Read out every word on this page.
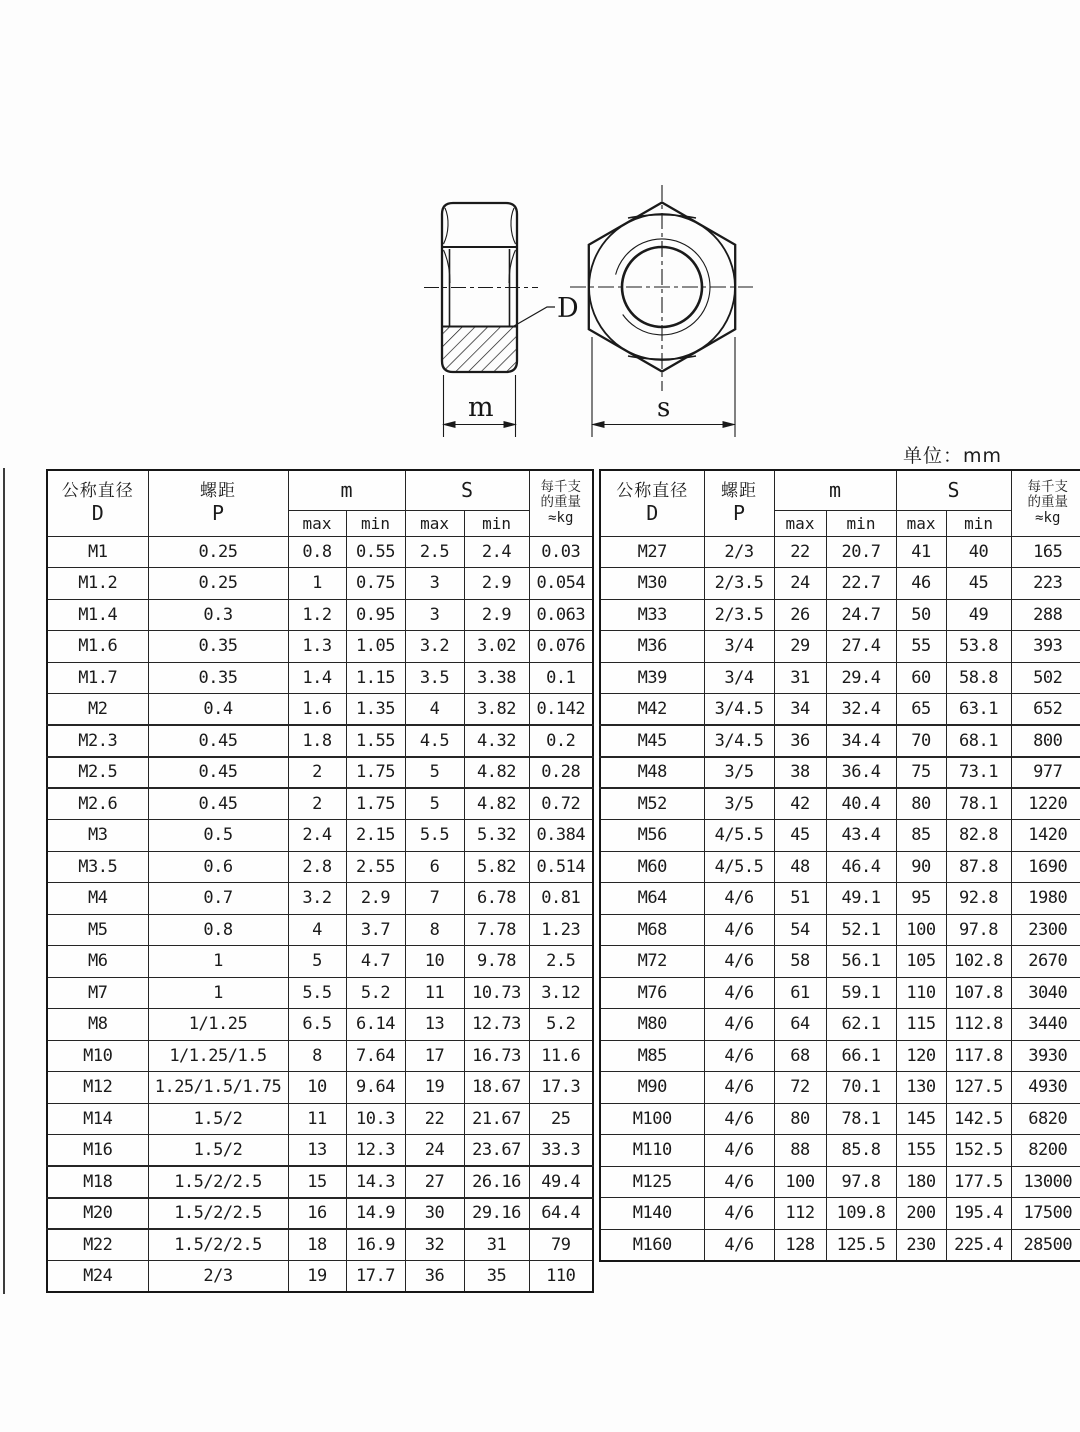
D
m	s
单位：mm
公称直径
D

螺距
P
	m	S	每千支
的重量
≈kg

		max	min	max	min	
M1	0.25	0.8	0.55	2.5	2.4	0.03
M1.2	0.25	1	0.75	3	2.9	0.054
M1.4	0.3	1.2	0.95	3	2.9	0.063
M1.6	0.35	1.3	1.05	3.2	3.02	0.076
M1.7	0.35	1.4	1.15	3.5	3.38	0.1
M2	0.4	1.6	1.35	4	3.82	0.142
M2.3	0.45	1.8	1.55	4.5	4.32	0.2
M2.5	0.45	2	1.75	5	4.82	0.28
M2.6	0.45	2	1.75	5	4.82	0.72
M3	0.5	2.4	2.15	5.5	5.32	0.384
M3.5	0.6	2.8	2.55	6	5.82	0.514
M4	0.7	3.2	2.9	7	6.78	0.81
M5	0.8	4	3.7	8	7.78	1.23
M6	1	5	4.7	10	9.78	2.5
M7	1	5.5	5.2	11	10.73	3.12
M8	1/1.25	6.5	6.14	13	12.73	5.2
M10	1/1.25/1.5	8	7.64	17	16.73	11.6
M12	1.25/1.5/1.75	10	9.64	19	18.67	17.3
M14	1.5/2	11	10.3	22	21.67	25
M16	1.5/2	13	12.3	24	23.67	33.3
M18	1.5/2/2.5	15	14.3	27	26.16	49.4
M20	1.5/2/2.5	16	14.9	30	29.16	64.4
M22	1.5/2/2.5	18	16.9	32	31	79
M24	2/3	19	17.7	36	35	110
公称直径
D

螺距
P
	m	S	每千支
的重量
≈kg

		max	min	max	min	
M27	2/3	22	20.7	41	40	165
M30	2/3.5	24	22.7	46	45	223
M33	2/3.5	26	24.7	50	49	288
M36	3/4	29	27.4	55	53.8	393
M39	3/4	31	29.4	60	58.8	502
M42	3/4.5	34	32.4	65	63.1	652
M45	3/4.5	36	34.4	70	68.1	800
M48	3/5	38	36.4	75	73.1	977
M52	3/5	42	40.4	80	78.1	1220
M56	4/5.5	45	43.4	85	82.8	1420
M60	4/5.5	48	46.4	90	87.8	1690
M64	4/6	51	49.1	95	92.8	1980
M68	4/6	54	52.1	100	97.8	2300
M72	4/6	58	56.1	105	102.8	2670
M76	4/6	61	59.1	110	107.8	3040
M80	4/6	64	62.1	115	112.8	3440
M85	4/6	68	66.1	120	117.8	3930
M90	4/6	72	70.1	130	127.5	4930
M100	4/6	80	78.1	145	142.5	6820
M110	4/6	88	85.8	155	152.5	8200
M125	4/6	100	97.8	180	177.5	13000
M140	4/6	112	109.8	200	195.4	17500
M160	4/6	128	125.5	230	225.4	28500
